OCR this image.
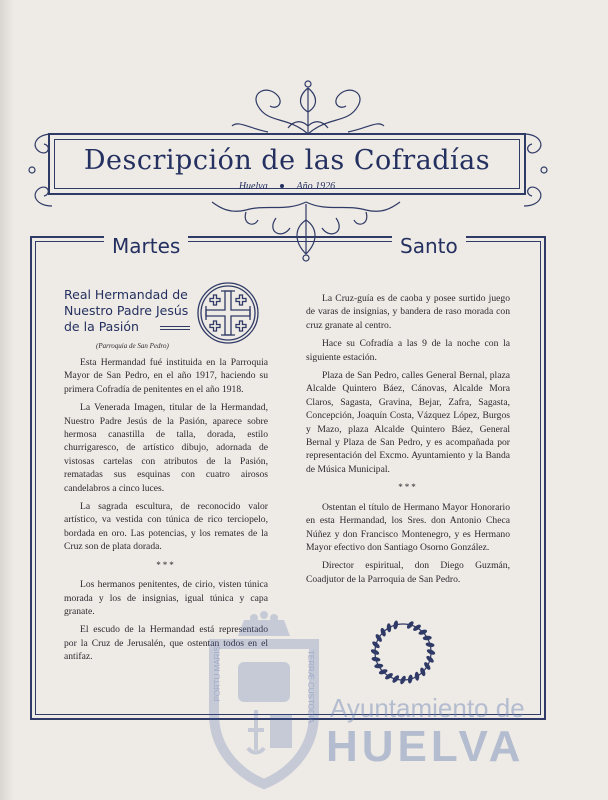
Descripción de las Cofradías
Huelva	Año 1926
Martes	Santo
Real Hermandad de Nuestro Padre Jesús de la Pasión
(Parroquia de San Pedro)

Esta Hermandad fué instituida en la Parroquia Mayor de San Pedro, en el año 1917, haciendo su primera Cofradía de penitentes en el año 1918.

La Venerada Imagen, titular de la Hermandad, Nuestro Padre Jesús de la Pasión, aparece sobre hermosa canastilla de talla, dorada, estilo churrigaresco, de artístico dibujo, adornada de vistosas cartelas con atributos de la Pasión, rematadas sus esquinas con cuatro airosos candelabros a cinco luces.

La sagrada escultura, de reconocido valor artístico, va vestida con túnica de rico terciopelo, bordada en oro. Las potencias, y los remates de la Cruz son de plata dorada.

***

Los hermanos penitentes, de cirio, visten túnica morada y los de insignias, igual túnica y capa granate.

El escudo de la Hermandad está representado por la Cruz de Jerusalén, que ostentan todos en el antifaz.

La Cruz-guía es de caoba y posee surtido juego de varas de insignias, y bandera de raso morada con cruz granate al centro.

Hace su Cofradía a las 9 de la noche con la siguiente estación.

Plaza de San Pedro, calles General Bernal, plaza Alcalde Quintero Báez, Cánovas, Alcalde Mora Claros, Sagasta, Gravina, Bejar, Zafra, Sagasta, Concepción, Joaquín Costa, Vázquez López, Burgos y Mazo, plaza Alcalde Quintero Báez, General Bernal y Plaza de San Pedro, y es acompañada por representación del Excmo. Ayuntamiento y la Banda de Música Municipal.

***

Ostentan el título de Hermano Mayor Honorario en esta Hermandad, los Sres. don Antonio Checa Núñez y don Francisco Montenegro, y es Hermano Mayor efectivo don Santiago Osorno González.

Director espiritual, don Diego Guzmán, Coadjutor de la Parroquia de San Pedro.

PORTU MARIS	TERRÆ CUSTODIA Ayuntamiento de
HUELVA
